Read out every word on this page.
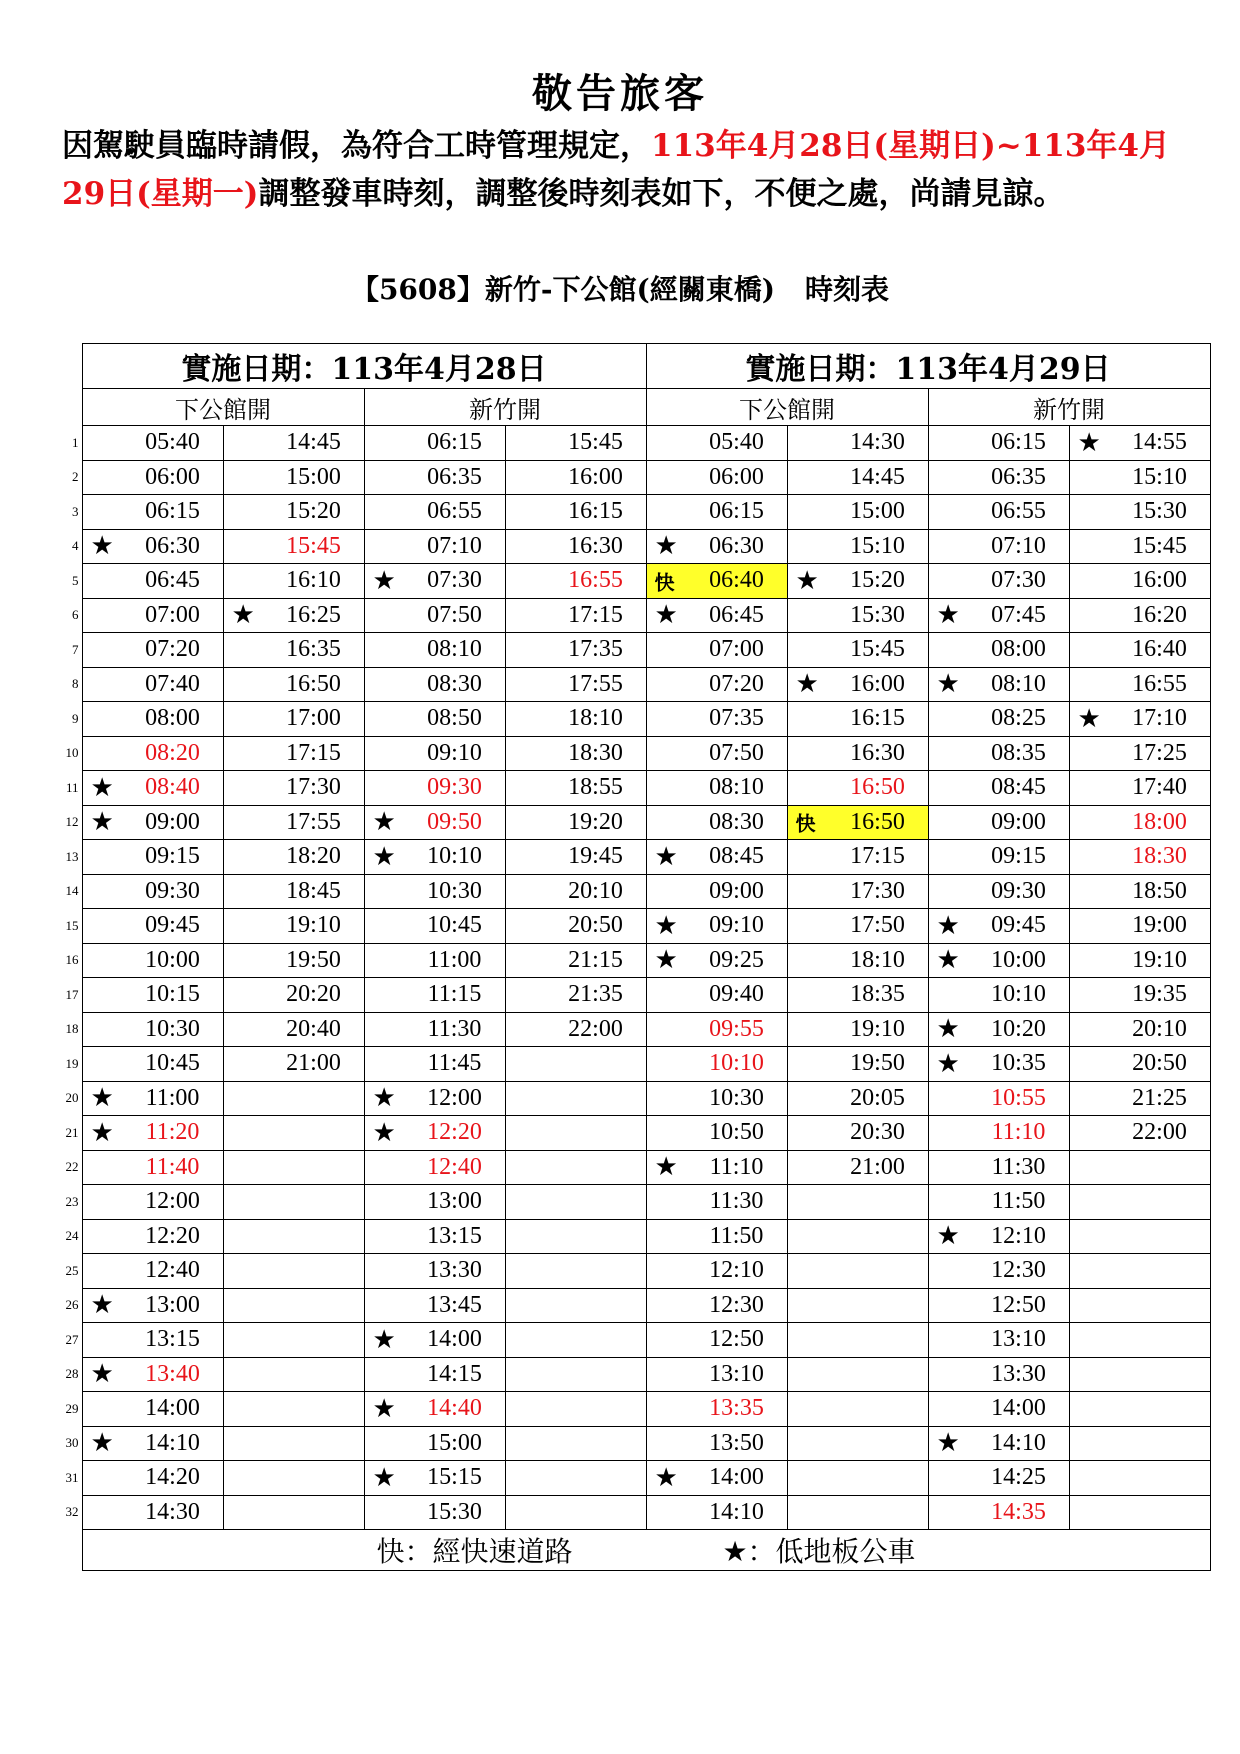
敬告旅客
因駕駛員臨時請假，為符合工時管理規定，113年4月28日(星期日)~113年4月29日(星期一)調整發車時刻，調整後時刻表如下，不便之處，尚請見諒。
【5608】新竹-下公館(經關東橋) 時刻表
	實施日期：113年4月28日				實施日期：113年4月29日			
	下公館開		新竹開		下公館開		新竹開	
1	05:40	14:45	06:15	15:45	05:40	14:30	06:15	★ 14:55
2	06:00	15:00	06:35	16:00	06:00	14:45	06:35	15:10
3	06:15	15:20	06:55	16:15	06:15	15:00	06:55	15:30
4	★ 06:30	15:45	07:10	16:30	★ 06:30	15:10	07:10	15:45
5	06:45	16:10	★ 07:30	16:55	快 06:40	★ 15:20	07:30	16:00
6	07:00	★ 16:25	07:50	17:15	★ 06:45	15:30	★ 07:45	16:20
7	07:20	16:35	08:10	17:35	07:00	15:45	08:00	16:40
8	07:40	16:50	08:30	17:55	07:20	★ 16:00	★ 08:10	16:55
9	08:00	17:00	08:50	18:10	07:35	16:15	08:25	★ 17:10
10	08:20	17:15	09:10	18:30	07:50	16:30	08:35	17:25
11	★ 08:40	17:30	09:30	18:55	08:10	16:50	08:45	17:40
12	★ 09:00	17:55	★ 09:50	19:20	08:30	快 16:50	09:00	18:00
13	09:15	18:20	★ 10:10	19:45	★ 08:45	17:15	09:15	18:30
14	09:30	18:45	10:30	20:10	09:00	17:30	09:30	18:50
15	09:45	19:10	10:45	20:50	★ 09:10	17:50	★ 09:45	19:00
16	10:00	19:50	11:00	21:15	★ 09:25	18:10	★ 10:00	19:10
17	10:15	20:20	11:15	21:35	09:40	18:35	10:10	19:35
18	10:30	20:40	11:30	22:00	09:55	19:10	★ 10:20	20:10
19	10:45	21:00	11:45		10:10	19:50	★ 10:35	20:50
20	★ 11:00		★ 12:00		10:30	20:05	10:55	21:25
21	★ 11:20		★ 12:20		10:50	20:30	11:10	22:00
22	11:40		12:40		★ 11:10	21:00	11:30	
23	12:00		13:00		11:30		11:50	
24	12:20		13:15		11:50		★ 12:10	
25	12:40		13:30		12:10		12:30	
26	★ 13:00		13:45		12:30		12:50	
27	13:15		★ 14:00		12:50		13:10	
28	★ 13:40		14:15		13:10		13:30	
29	14:00		★ 14:40		13:35		14:00	
30	★ 14:10		15:00		13:50		★ 14:10	
31	14:20		★ 15:15		★ 14:00		14:25	
32	14:30		15:30		14:10		14:35	

	快：經快速道路 ★：低地板公車							
